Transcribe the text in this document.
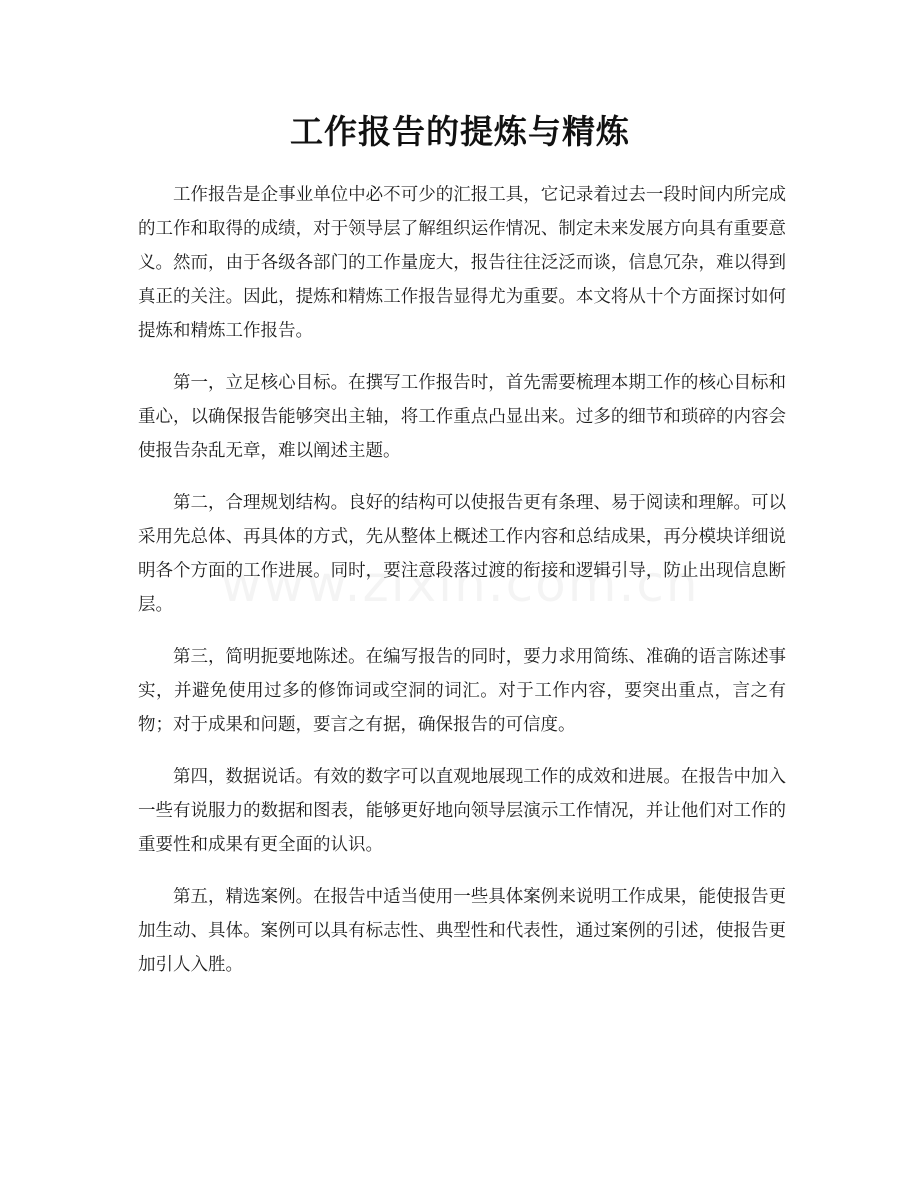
工作报告的提炼与精炼

工作报告是企事业单位中必不可少的汇报工具，它记录着过去一段时间内所完成的工作和取得的成绩，对于领导层了解组织运作情况、制定未来发展方向具有重要意义。然而，由于各级各部门的工作量庞大，报告往往泛泛而谈，信息冗杂，难以得到真正的关注。因此，提炼和精炼工作报告显得尤为重要。本文将从十个方面探讨如何提炼和精炼工作报告。

第一，立足核心目标。在撰写工作报告时，首先需要梳理本期工作的核心目标和重心，以确保报告能够突出主轴，将工作重点凸显出来。过多的细节和琐碎的内容会使报告杂乱无章，难以阐述主题。

第二，合理规划结构。良好的结构可以使报告更有条理、易于阅读和理解。可以采用先总体、再具体的方式，先从整体上概述工作内容和总结成果，再分模块详细说明各个方面的工作进展。同时，要注意段落过渡的衔接和逻辑引导，防止出现信息断层。

第三，简明扼要地陈述。在编写报告的同时，要力求用简练、准确的语言陈述事实，并避免使用过多的修饰词或空洞的词汇。对于工作内容，要突出重点，言之有物；对于成果和问题，要言之有据，确保报告的可信度。

第四，数据说话。有效的数字可以直观地展现工作的成效和进展。在报告中加入一些有说服力的数据和图表，能够更好地向领导层演示工作情况，并让他们对工作的重要性和成果有更全面的认识。

第五，精选案例。在报告中适当使用一些具体案例来说明工作成果，能使报告更加生动、具体。案例可以具有标志性、典型性和代表性，通过案例的引述，使报告更加引人入胜。
